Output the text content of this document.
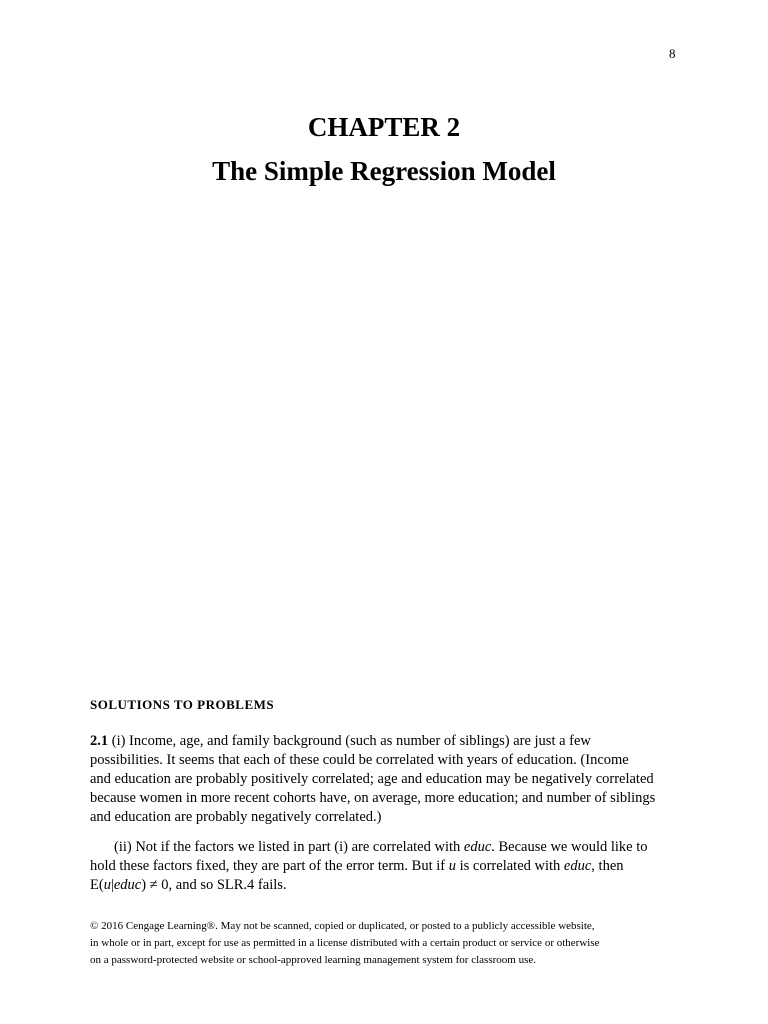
8
CHAPTER 2
The Simple Regression Model
SOLUTIONS TO PROBLEMS
2.1 (i) Income, age, and family background (such as number of siblings) are just a few
possibilities. It seems that each of these could be correlated with years of education. (Income
and education are probably positively correlated; age and education may be negatively correlated
because women in more recent cohorts have, on average, more education; and number of siblings
and education are probably negatively correlated.)
(ii) Not if the factors we listed in part (i) are correlated with educ. Because we would like to
hold these factors fixed, they are part of the error term. But if u is correlated with educ, then
E(u|educ) ≠ 0, and so SLR.4 fails.
© 2016 Cengage Learning®. May not be scanned, copied or duplicated, or posted to a publicly accessible website,
in whole or in part, except for use as permitted in a license distributed with a certain product or service or otherwise
on a password-protected website or school-approved learning management system for classroom use.
